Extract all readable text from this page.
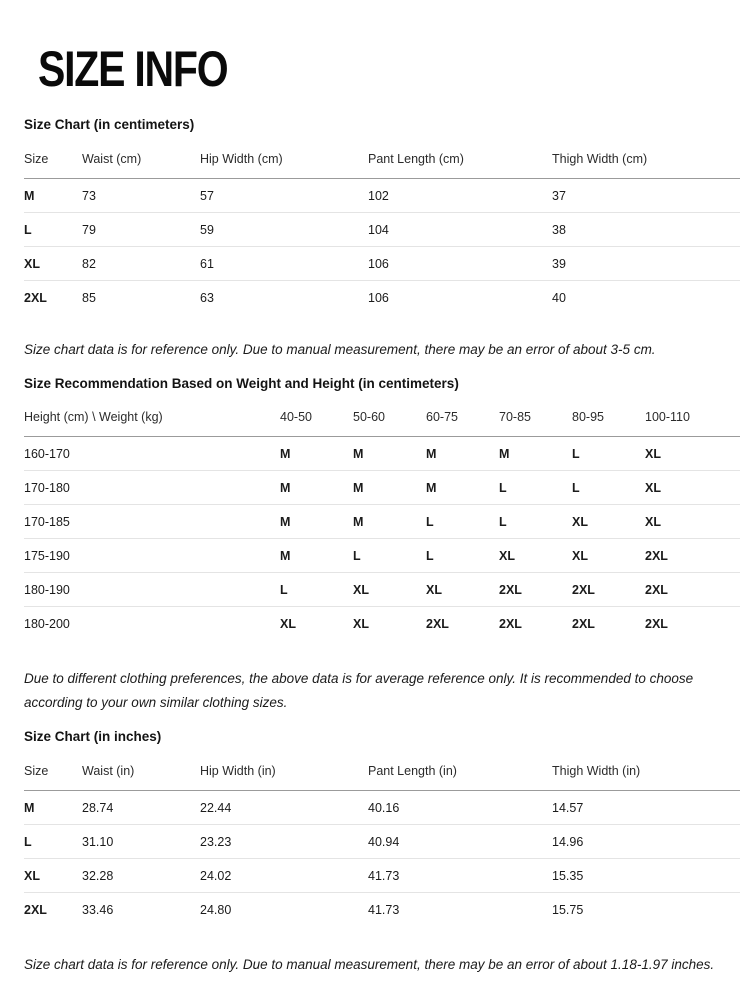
SIZE INFO
Size Chart (in centimeters)
Size	Waist (cm)	Hip Width (cm)	Pant Length (cm)	Thigh Width (cm)
M	73	57	102	37
L	79	59	104	38
XL	82	61	106	39
2XL	85	63	106	40

Size chart data is for reference only. Due to manual measurement, there may be an error of about 3-5 cm.

Size Recommendation Based on Weight and Height (in centimeters)
Height (cm) \ Weight (kg)	40-50	50-60	60-75	70-85	80-95	100-110
160-170	M	M	M	M	L	XL
170-180	M	M	M	L	L	XL
170-185	M	M	L	L	XL	XL
175-190	M	L	L	XL	XL	2XL
180-190	L	XL	XL	2XL	2XL	2XL
180-200	XL	XL	2XL	2XL	2XL	2XL

Due to different clothing preferences, the above data is for average reference only. It is recommended to choose according to your own similar clothing sizes.

Size Chart (in inches)
Size	Waist (in)	Hip Width (in)	Pant Length (in)	Thigh Width (in)
M	28.74	22.44	40.16	14.57
L	31.10	23.23	40.94	14.96
XL	32.28	24.02	41.73	15.35
2XL	33.46	24.80	41.73	15.75

Size chart data is for reference only. Due to manual measurement, there may be an error of about 1.18-1.97 inches.
